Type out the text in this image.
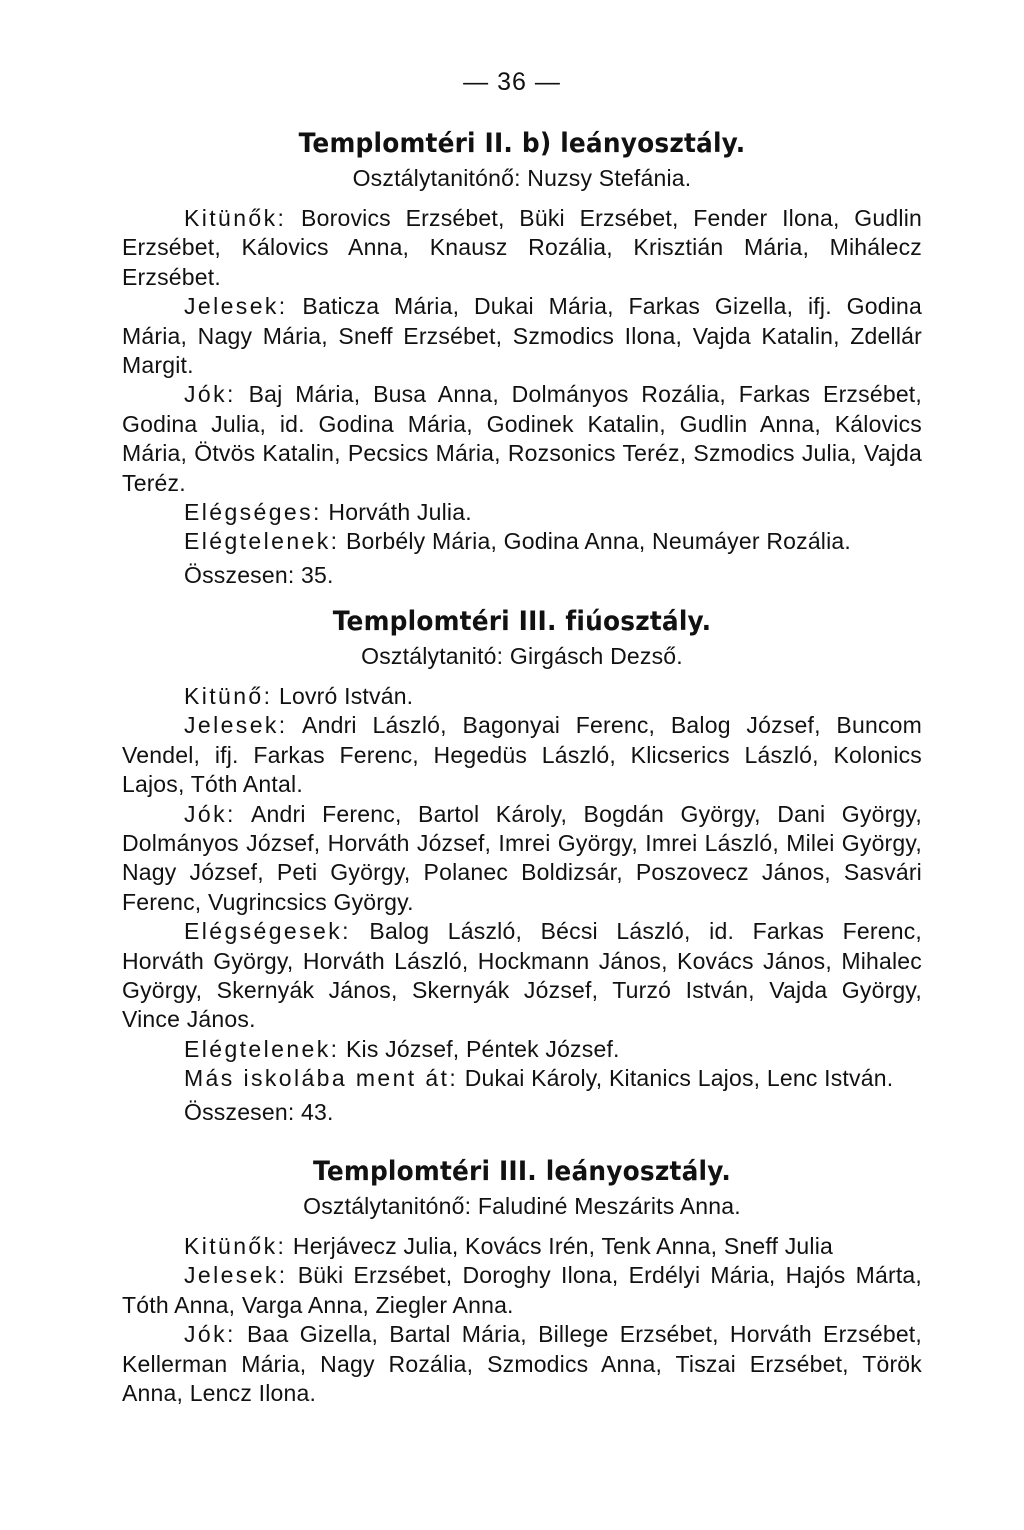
— 36 —
Templomtéri II. b) leányosztály.
Osztálytanitónő: Nuzsy Stefánia.

Kitünők: Borovics Erzsébet, Büki Erzsébet, Fender Ilona, Gudlin Erzsébet, Kálovics Anna, Knausz Rozália, Krisztián Mária, Mihálecz Erzsébet.

Jelesek: Baticza Mária, Dukai Mária, Farkas Gizella, ifj. Godina Mária, Nagy Mária, Sneff Erzsébet, Szmodics Ilona, Vajda Katalin, Zdellár Margit.

Jók: Baj Mária, Busa Anna, Dolmányos Rozália, Farkas Erzsébet, Godina Julia, id. Godina Mária, Godinek Katalin, Gudlin Anna, Kálovics Mária, Ötvös Katalin, Pecsics Mária, Rozsonics Teréz, Szmodics Julia, Vajda Teréz.

Elégséges: Horváth Julia.

Elégtelenek: Borbély Mária, Godina Anna, Neumáyer Rozália.

Összesen: 35.

Templomtéri III. fiúosztály.
Osztálytanitó: Girgásch Dezső.

Kitünő: Lovró István.

Jelesek: Andri László, Bagonyai Ferenc, Balog József, Buncom Vendel, ifj. Farkas Ferenc, Hegedüs László, Klicserics László, Kolonics Lajos, Tóth Antal.

Jók: Andri Ferenc, Bartol Károly, Bogdán György, Dani György, Dolmányos József, Horváth József, Imrei György, Imrei László, Milei György, Nagy József, Peti György, Polanec Boldizsár, Poszovecz János, Sasvári Ferenc, Vugrincsics György.

Elégségesek: Balog László, Bécsi László, id. Farkas Ferenc, Horváth György, Horváth László, Hockmann János, Kovács János, Mihalec György, Skernyák János, Skernyák József, Turzó István, Vajda György, Vince János.

Elégtelenek: Kis József, Péntek József.

Más iskolába ment át: Dukai Károly, Kitanics Lajos, Lenc István.

Összesen: 43.

Templomtéri III. leányosztály.
Osztálytanitónő: Faludiné Meszárits Anna.

Kitünők: Herjávecz Julia, Kovács Irén, Tenk Anna, Sneff Julia

Jelesek: Büki Erzsébet, Doroghy Ilona, Erdélyi Mária, Hajós Márta, Tóth Anna, Varga Anna, Ziegler Anna.

Jók: Baa Gizella, Bartal Mária, Billege Erzsébet, Horváth Erzsébet, Kellerman Mária, Nagy Rozália, Szmodics Anna, Tiszai Erzsébet, Török Anna, Lencz Ilona.
